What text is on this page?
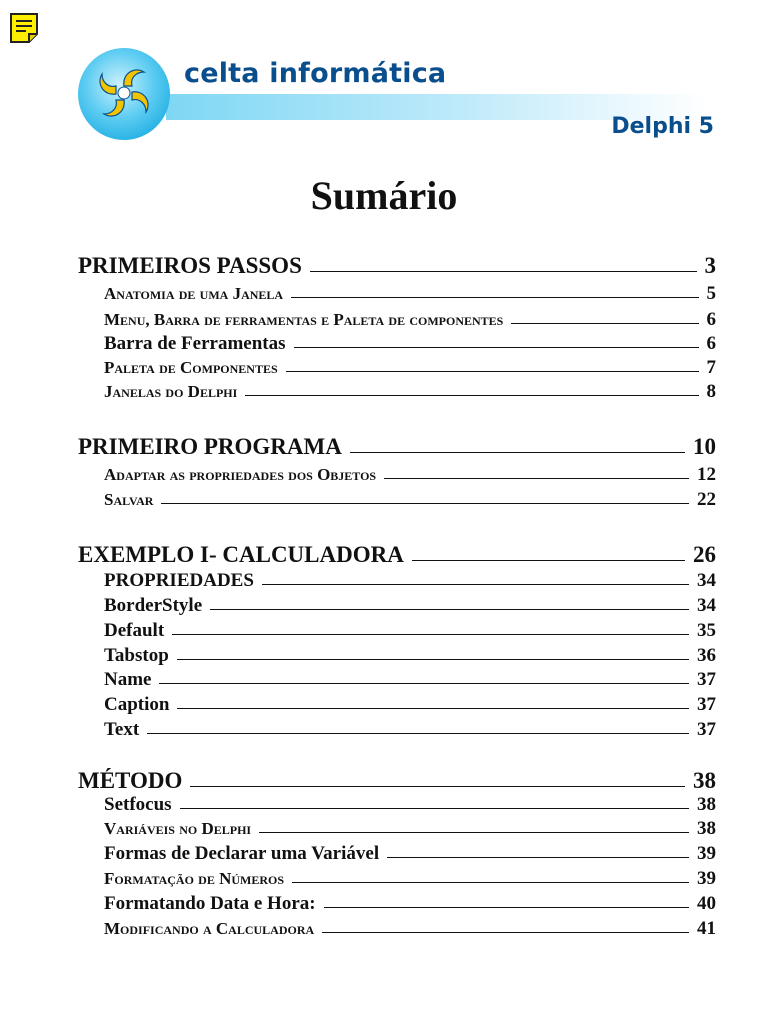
celta informática
Delphi 5
Sumário
PRIMEIROS PASSOS	3
Anatomia de uma Janela	5
Menu, Barra de ferramentas e Paleta de componentes	6
Barra de Ferramentas	6
Paleta de Componentes	7
Janelas do Delphi	8
PRIMEIRO PROGRAMA	10
Adaptar as propriedades dos Objetos	12
Salvar	22
EXEMPLO I- CALCULADORA	26
PROPRIEDADES	34
BorderStyle	34
Default	35
Tabstop	36
Name	37
Caption	37
Text	37
MÉTODO	38
Setfocus	38
Variáveis no Delphi	38
Formas de Declarar uma Variável	39
Formatação de Números	39
Formatando Data e Hora:	40
Modificando a Calculadora	41
